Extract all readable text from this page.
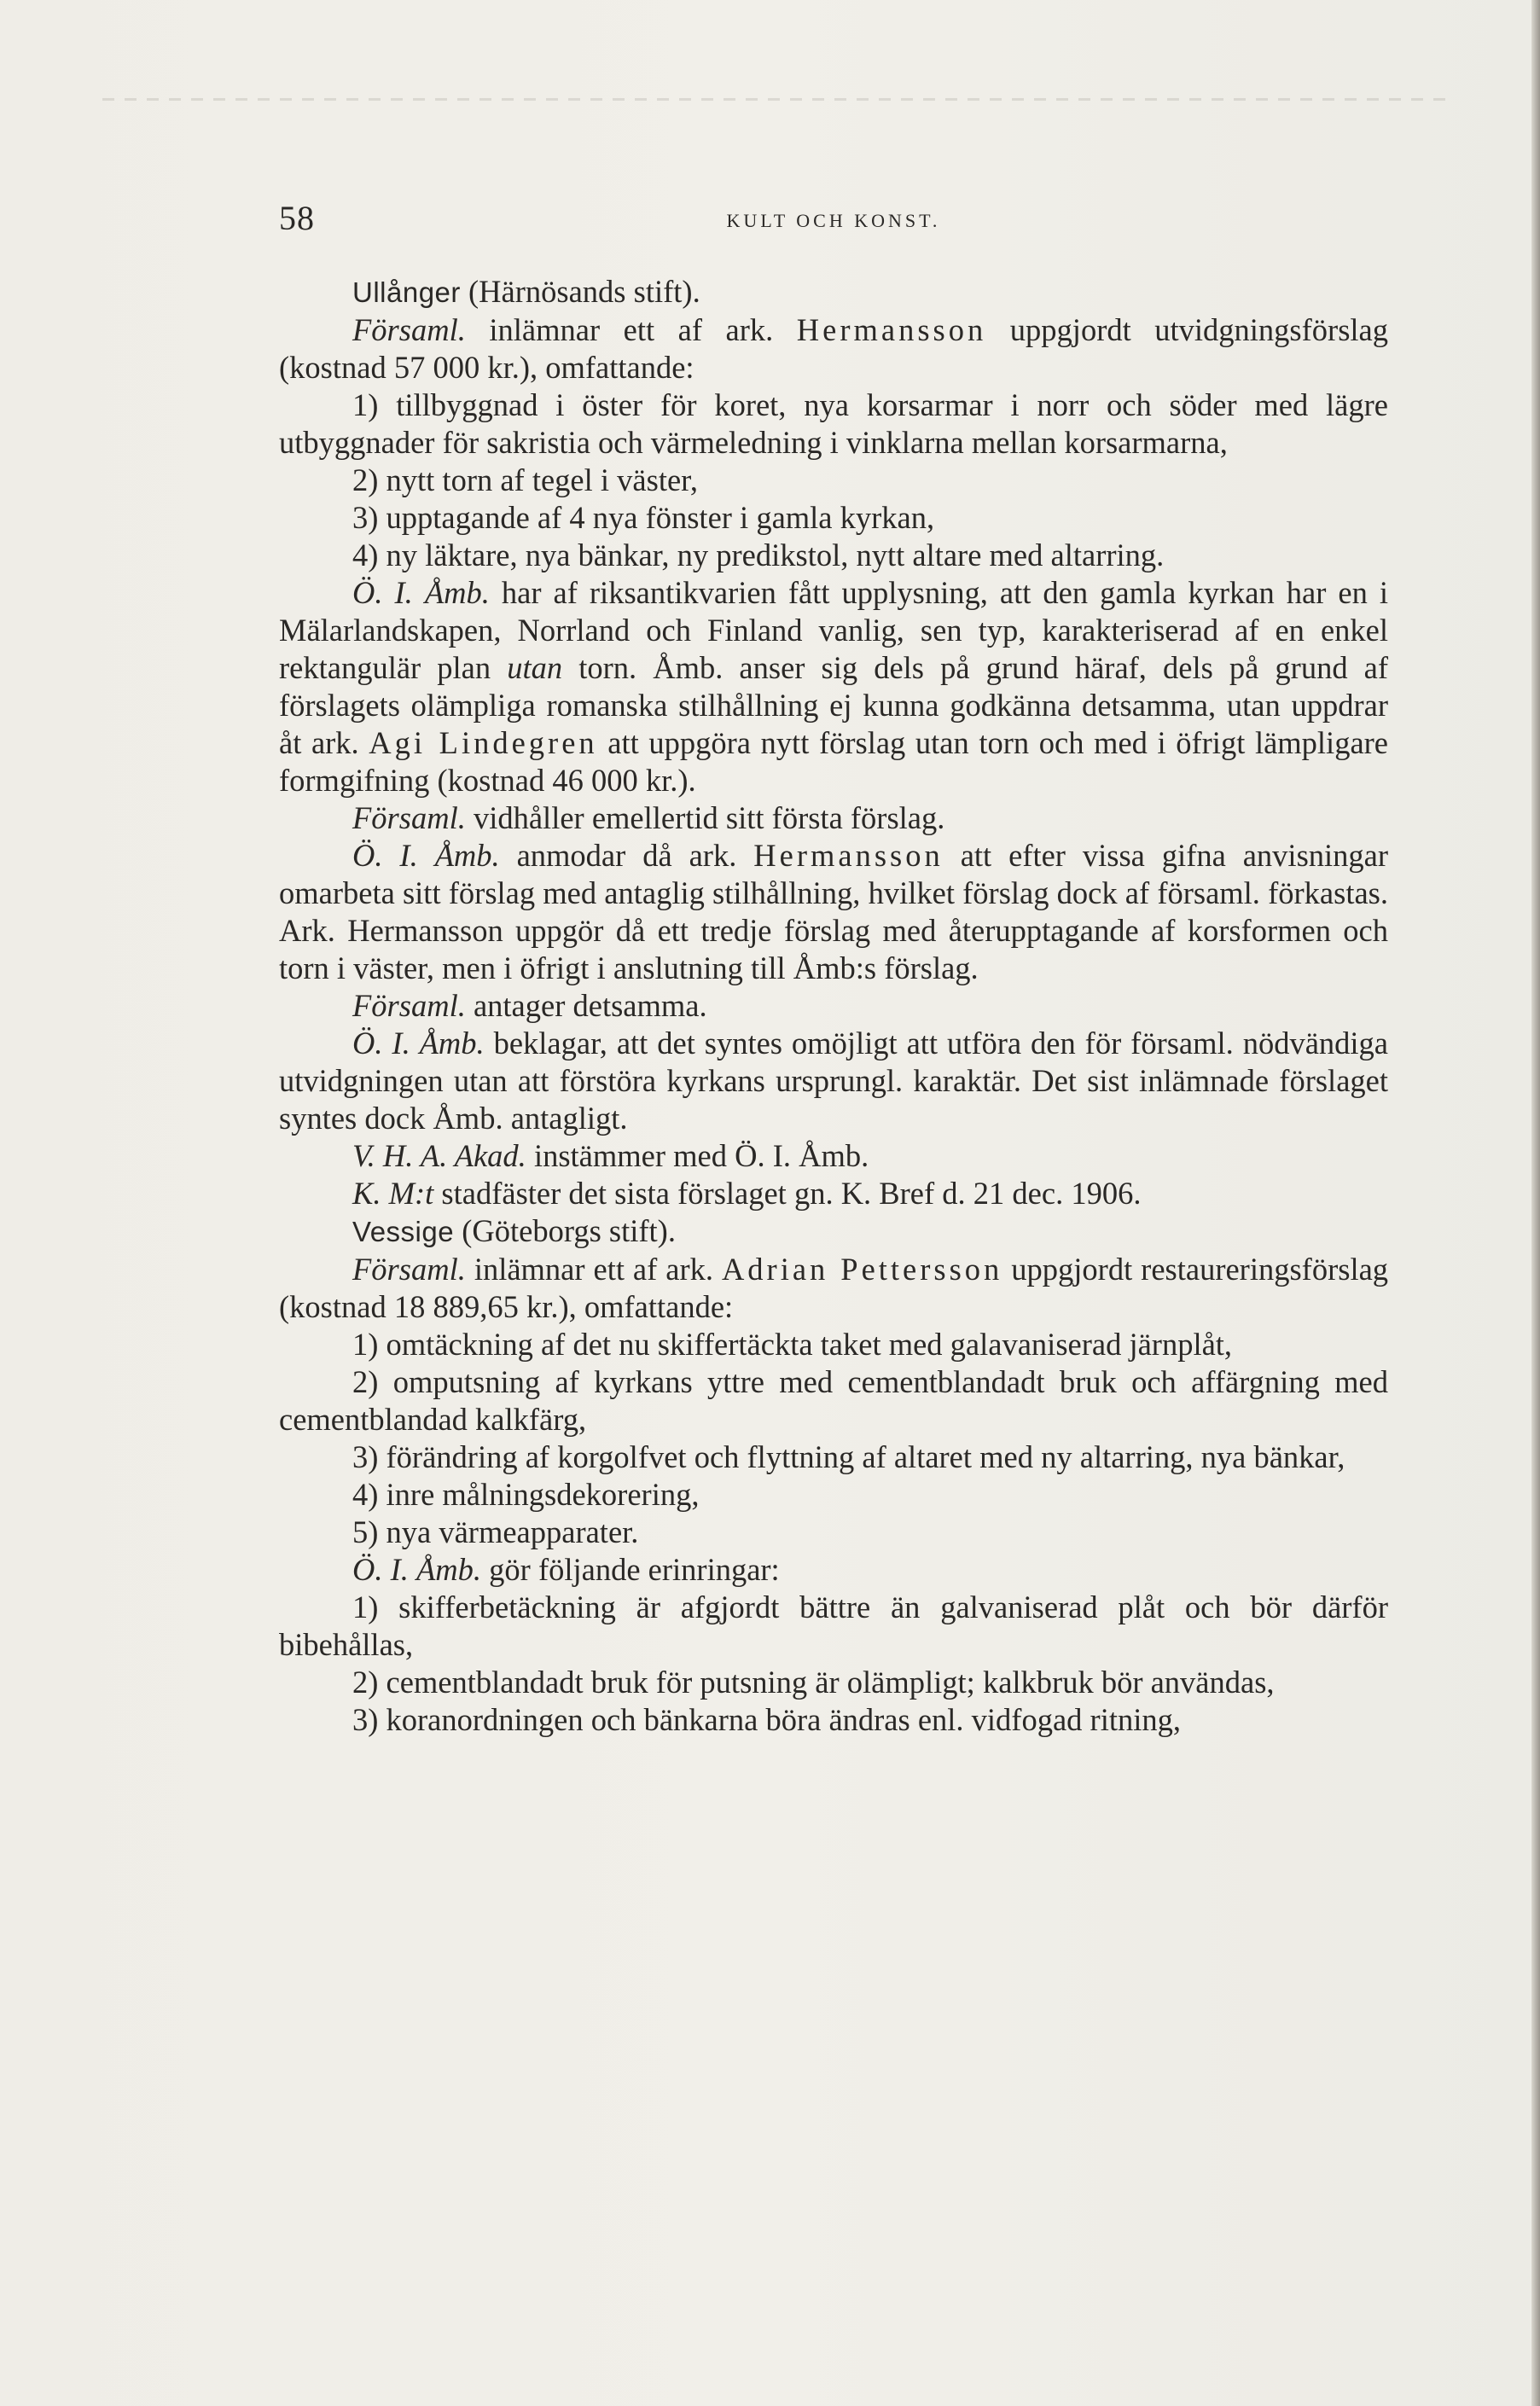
58	KULT OCH KONST.

Ullånger (Härnösands stift).

Församl. inlämnar ett af ark. Hermansson uppgjordt utvidgningsförslag (kostnad 57 000 kr.), omfattande:

1) tillbyggnad i öster för koret, nya korsarmar i norr och söder med lägre utbyggnader för sakristia och värmeledning i vinklarna mellan korsarmarna,

2) nytt torn af tegel i väster,

3) upptagande af 4 nya fönster i gamla kyrkan,

4) ny läktare, nya bänkar, ny predikstol, nytt altare med altarring.

Ö. I. Åmb. har af riksantikvarien fått upplysning, att den gamla kyrkan har en i Mälarlandskapen, Norrland och Finland vanlig, sen typ, karakteriserad af en enkel rektangulär plan utan torn. Åmb. anser sig dels på grund häraf, dels på grund af förslagets olämpliga romanska stilhållning ej kunna godkänna detsamma, utan uppdrar åt ark. Agi Lindegren att uppgöra nytt förslag utan torn och med i öfrigt lämpligare formgifning (kostnad 46 000 kr.).

Församl. vidhåller emellertid sitt första förslag.

Ö. I. Åmb. anmodar då ark. Hermansson att efter vissa gifna anvisningar omarbeta sitt förslag med antaglig stilhållning, hvilket förslag dock af församl. förkastas. Ark. Hermansson uppgör då ett tredje förslag med återupptagande af korsformen och torn i väster, men i öfrigt i anslutning till Åmb:s förslag.

Församl. antager detsamma.

Ö. I. Åmb. beklagar, att det syntes omöjligt att utföra den för församl. nödvändiga utvidgningen utan att förstöra kyrkans ursprungl. karaktär. Det sist inlämnade förslaget syntes dock Åmb. antagligt.

V. H. A. Akad. instämmer med Ö. I. Åmb.

K. M:t stadfäster det sista förslaget gn. K. Bref d. 21 dec. 1906.

Vessige (Göteborgs stift).

Församl. inlämnar ett af ark. Adrian Pettersson uppgjordt restaureringsförslag (kostnad 18 889,65 kr.), omfattande:

1) omtäckning af det nu skiffertäckta taket med galavaniserad järnplåt,

2) omputsning af kyrkans yttre med cementblandadt bruk och affärgning med cementblandad kalkfärg,

3) förändring af korgolfvet och flyttning af altaret med ny altarring, nya bänkar,

4) inre målningsdekorering,

5) nya värmeapparater.

Ö. I. Åmb. gör följande erinringar:

1) skifferbetäckning är afgjordt bättre än galvaniserad plåt och bör därför bibehållas,

2) cementblandadt bruk för putsning är olämpligt; kalkbruk bör användas,

3) koranordningen och bänkarna böra ändras enl. vidfogad ritning,
